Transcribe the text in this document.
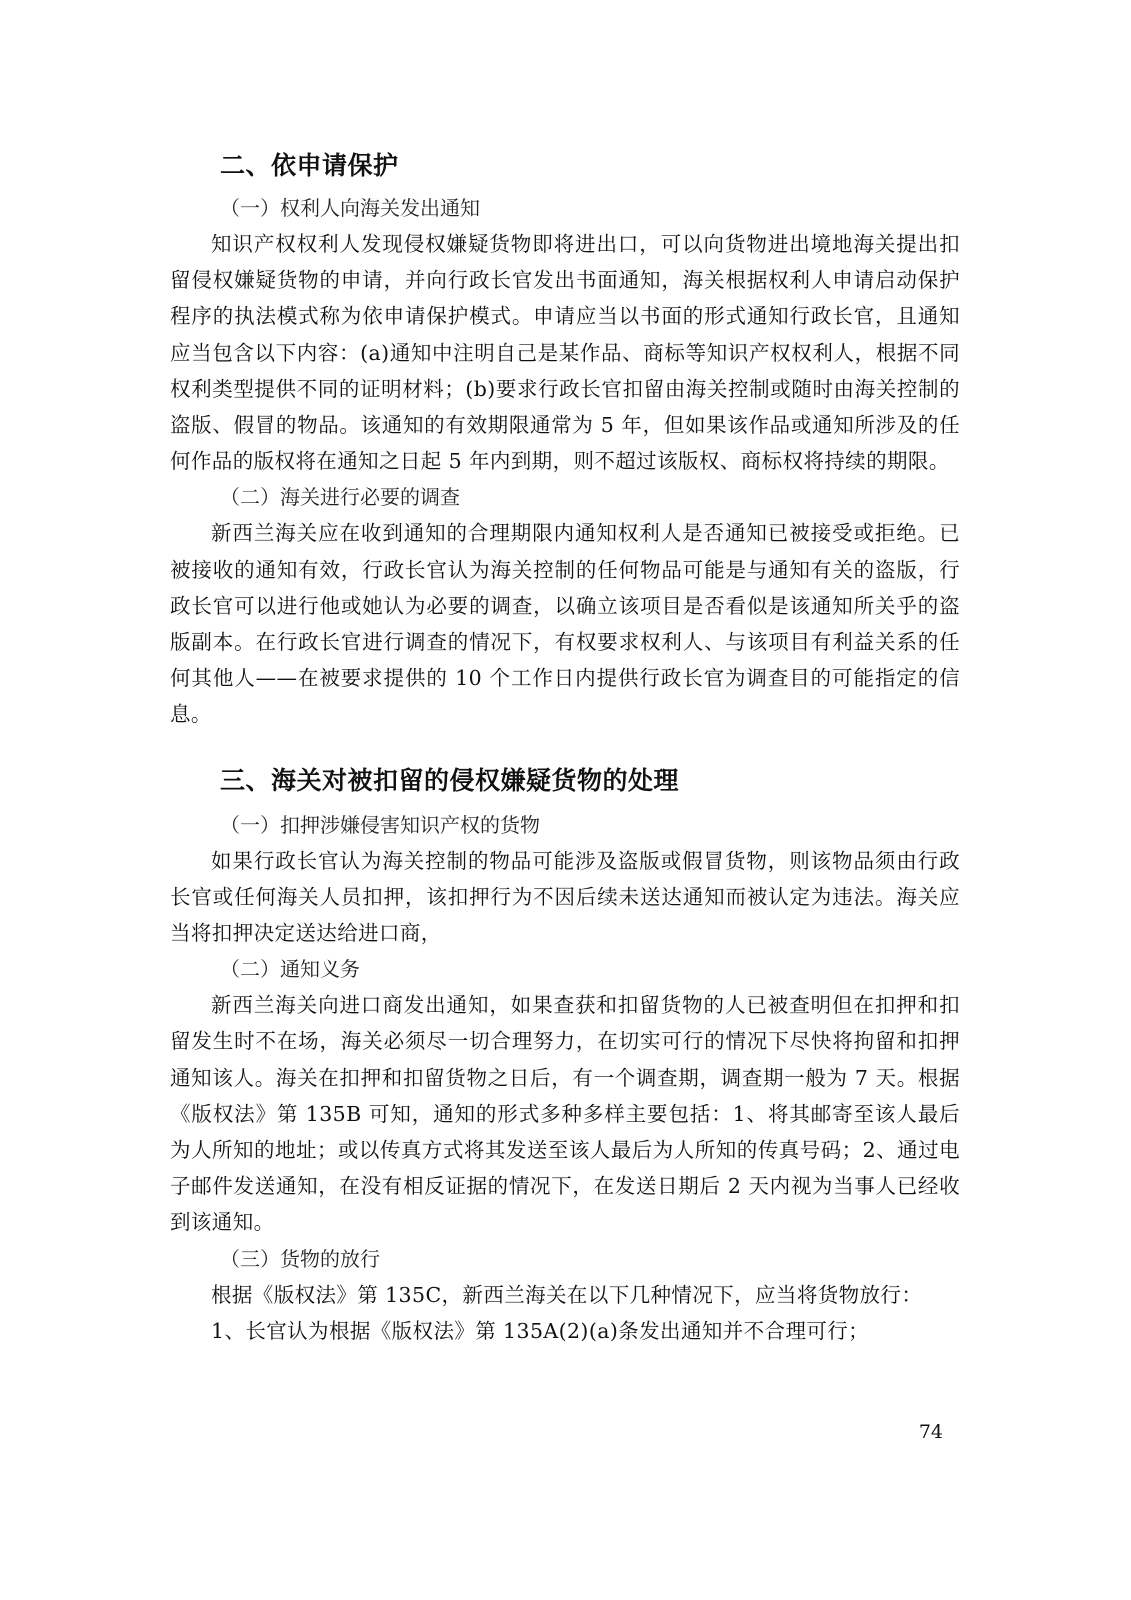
二、依申请保护

（一）权利人向海关发出通知

知识产权权利人发现侵权嫌疑货物即将进出口，可以向货物进出境地海关提出扣留侵权嫌疑货物的申请，并向行政长官发出书面通知，海关根据权利人申请启动保护程序的执法模式称为依申请保护模式。申请应当以书面的形式通知行政长官，且通知应当包含以下内容：(a)通知中注明自己是某作品、商标等知识产权权利人，根据不同权利类型提供不同的证明材料；(b)要求行政长官扣留由海关控制或随时由海关控制的盗版、假冒的物品。该通知的有效期限通常为 5 年，但如果该作品或通知所涉及的任何作品的版权将在通知之日起 5 年内到期，则不超过该版权、商标权将持续的期限。

（二）海关进行必要的调查

新西兰海关应在收到通知的合理期限内通知权利人是否通知已被接受或拒绝。已被接收的通知有效，行政长官认为海关控制的任何物品可能是与通知有关的盗版，行政长官可以进行他或她认为必要的调查，以确立该项目是否看似是该通知所关乎的盗版副本。在行政长官进行调查的情况下，有权要求权利人、与该项目有利益关系的任何其他人——在被要求提供的 10 个工作日内提供行政长官为调查目的可能指定的信息。

三、海关对被扣留的侵权嫌疑货物的处理

（一）扣押涉嫌侵害知识产权的货物

如果行政长官认为海关控制的物品可能涉及盗版或假冒货物，则该物品须由行政长官或任何海关人员扣押，该扣押行为不因后续未送达通知而被认定为违法。海关应当将扣押决定送达给进口商，

（二）通知义务

新西兰海关向进口商发出通知，如果查获和扣留货物的人已被查明但在扣押和扣留发生时不在场，海关必须尽一切合理努力，在切实可行的情况下尽快将拘留和扣押通知该人。海关在扣押和扣留货物之日后，有一个调查期，调查期一般为 7 天。根据《版权法》第 135B 可知，通知的形式多种多样主要包括：1、将其邮寄至该人最后为人所知的地址；或以传真方式将其发送至该人最后为人所知的传真号码；2、通过电子邮件发送通知，在没有相反证据的情况下，在发送日期后 2 天内视为当事人已经收到该通知。

（三）货物的放行

根据《版权法》第 135C，新西兰海关在以下几种情况下，应当将货物放行：

1、长官认为根据《版权法》第 135A(2)(a)条发出通知并不合理可行；

74
